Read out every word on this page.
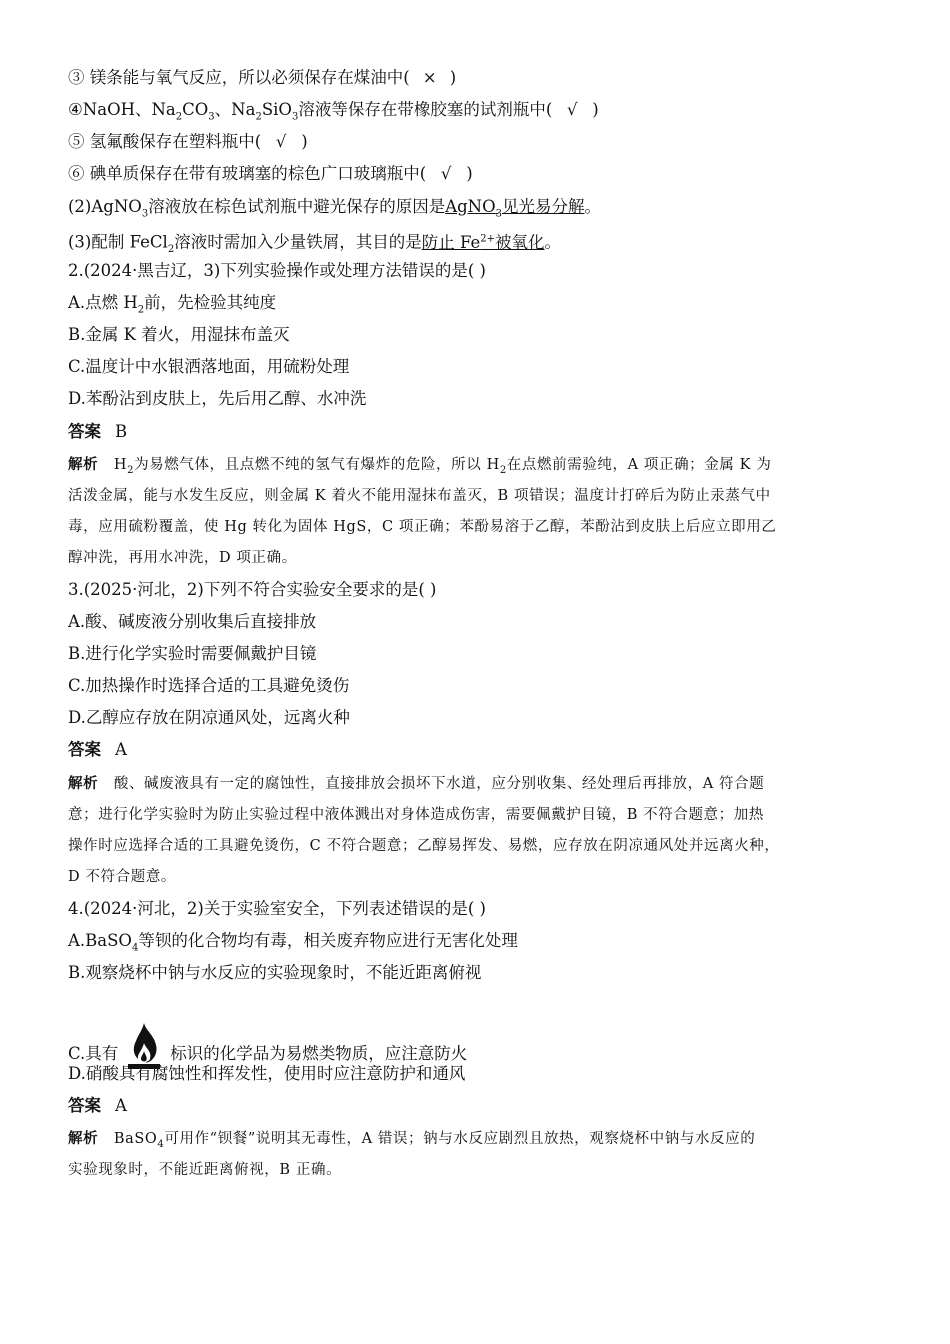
③ 镁条能与氧气反应，所以必须保存在煤油中( × )
④NaOH、$Na_2CO_3$、$Na_2SiO_3$溶液等保存在带橡胶塞的试剂瓶中( √ )
⑤ 氢氟酸保存在塑料瓶中( √ )
⑥ 碘单质保存在带有玻璃塞的棕色广口玻璃瓶中( √ )
(2)AgNO$_3$溶液放在棕色试剂瓶中避光保存的原因是AgNO$_3$见光易分解。
(3)配制 FeCl$_2$溶液时需加入少量铁屑，其目的是防止 $Fe^{2+}$被氧化。
2.(2024·黑吉辽，3)下列实验操作或处理方法错误的是( )
A.点燃 $H_2$前，先检验其纯度
B.金属 K 着火，用湿抹布盖灭
C.温度计中水银洒落地面，用硫粉处理
D.苯酚沾到皮肤上，先后用乙醇、水冲洗
答案 B
解析 $H_2$为易燃气体，且点燃不纯的氢气有爆炸的危险，所以 $H_2$在点燃前需验纯，A 项正确；金属 K 为
活泼金属，能与水发生反应，则金属 K 着火不能用湿抹布盖灭，B 项错误；温度计打碎后为防止汞蒸气中
毒，应用硫粉覆盖，使 Hg 转化为固体 HgS，C 项正确；苯酚易溶于乙醇，苯酚沾到皮肤上后应立即用乙
醇冲洗，再用水冲洗，D 项正确。
3.(2025·河北，2)下列不符合实验安全要求的是( )
A.酸、碱废液分别收集后直接排放
B.进行化学实验时需要佩戴护目镜
C.加热操作时选择合适的工具避免烫伤
D.乙醇应存放在阴凉通风处，远离火种
答案 A
解析 酸、碱废液具有一定的腐蚀性，直接排放会损坏下水道，应分别收集、经处理后再排放，A 符合题
意；进行化学实验时为防止实验过程中液体溅出对身体造成伤害，需要佩戴护目镜，B 不符合题意；加热
操作时应选择合适的工具避免烫伤，C 不符合题意；乙醇易挥发、易燃，应存放在阴凉通风处并远离火种，
D 不符合题意。
4.(2024·河北，2)关于实验室安全，下列表述错误的是( )
A.BaSO$_4$等钡的化合物均有毒，相关废弃物应进行无害化处理
B.观察烧杯中钠与水反应的实验现象时，不能近距离俯视
C.具有	标识的化学品为易燃类物质，应注意防火
D.硝酸具有腐蚀性和挥发性，使用时应注意防护和通风
答案 A
解析 BaSO$_4$可用作“钡餐”说明其无毒性，A 错误；钠与水反应剧烈且放热，观察烧杯中钠与水反应的
实验现象时，不能近距离俯视，B 正确。
